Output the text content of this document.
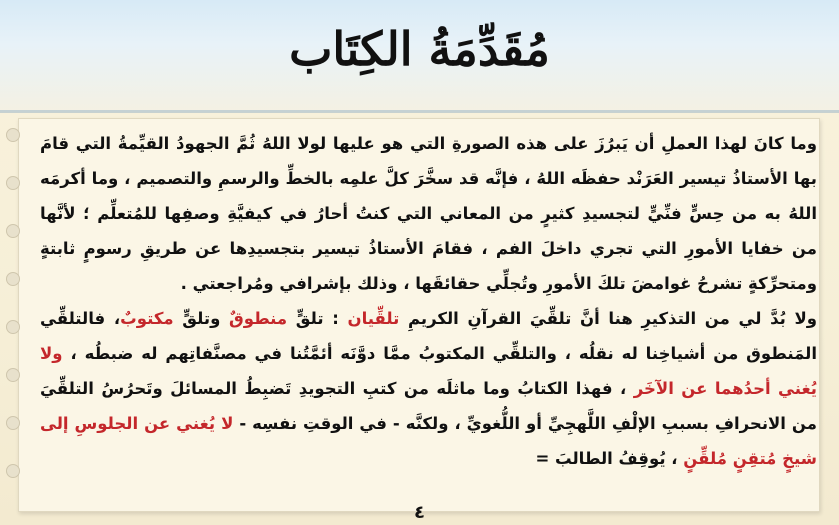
مُقَدِّمَةُ الكِتَاب

وما كانَ لهذا العملِ أن يَبرُزَ على هذه الصورةِ التي هو عليها لولا اللهُ ثُمَّ الجهودُ القيِّمةُ التي قامَ بها الأستاذُ تيسير العَرَنْد حفظَه اللهُ ، فإنَّه قد سخَّرَ كلَّ علمِه بالخطِّ والرسمِ والتصميم ، وما أكرمَه اللهُ به من حِسٍّ فنِّيٍّ لتجسيدِ كثيرٍ من المعاني التي كنتُ أحارُ في كيفيَّةِ وصفِها للمُتعلِّم ؛ لأنَّها من خفايا الأمورِ التي تجري داخلَ الفم ، فقامَ الأستاذُ تيسير بتجسيدِها عن طريقِ رسومٍ ثابتةٍ ومتحرِّكةٍ تشرحُ غوامضَ تلكَ الأمورِ وتُجلِّي حقائقَها ، وذلك بإشرافي ومُراجعتي .

ولا بُدَّ لي من التذكيرِ هنا أنَّ تلقِّيَ القرآنِ الكريمِ تلقِّيان : تلقٍّ منطوقٌ وتلقٍّ مكتوبٌ، فالتلقِّي المَنطوق من أشياخِنا له نقلُه ، والتلقِّي المكتوبُ ممَّا دوَّنَه أئمَّتُنا في مصنَّفاتِهم له ضبطُه ، ولا يُغني أحدُهما عن الآخَر ، فهذا الكتابُ وما ماثلَه من كتبِ التجويدِ تَضبِطُ المسائلَ وتَحرُسُ التلقِّيَ من الانحرافِ بسببِ الإلْفِ اللَّهجِيِّ أو اللُّغويِّ ، ولكنَّه - في الوقتِ نفسِه - لا يُغني عن الجلوسِ إلى شيخٍ مُتقِنٍ مُلقِّنٍ ، يُوقِفُ الطالبَ =

٤
